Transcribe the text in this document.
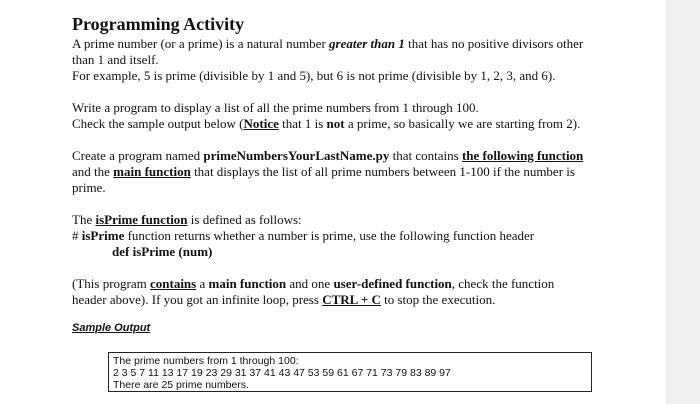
Programming Activity

A prime number (or a prime) is a natural number greater than 1 that has no positive divisors other than 1 and itself.

For example, 5 is prime (divisible by 1 and 5), but 6 is not prime (divisible by 1, 2, 3, and 6).

Write a program to display a list of all the prime numbers from 1 through 100.

Check the sample output below (Notice that 1 is not a prime, so basically we are starting from 2).

Create a program named primeNumbersYourLastName.py that contains the following function and the main function that displays the list of all prime numbers between 1-100 if the number is prime.

The isPrime function is defined as follows:

# isPrime function returns whether a number is prime, use the following function header

def isPrime (num)

(This program contains a main function and one user-defined function, check the function header above). If you got an infinite loop, press CTRL + C to stop the execution.

Sample Output
The prime numbers from 1 through 100:
2 3 5 7 11 13 17 19 23 29 31 37 41 43 47 53 59 61 67 71 73 79 83 89 97
There are 25 prime numbers.
